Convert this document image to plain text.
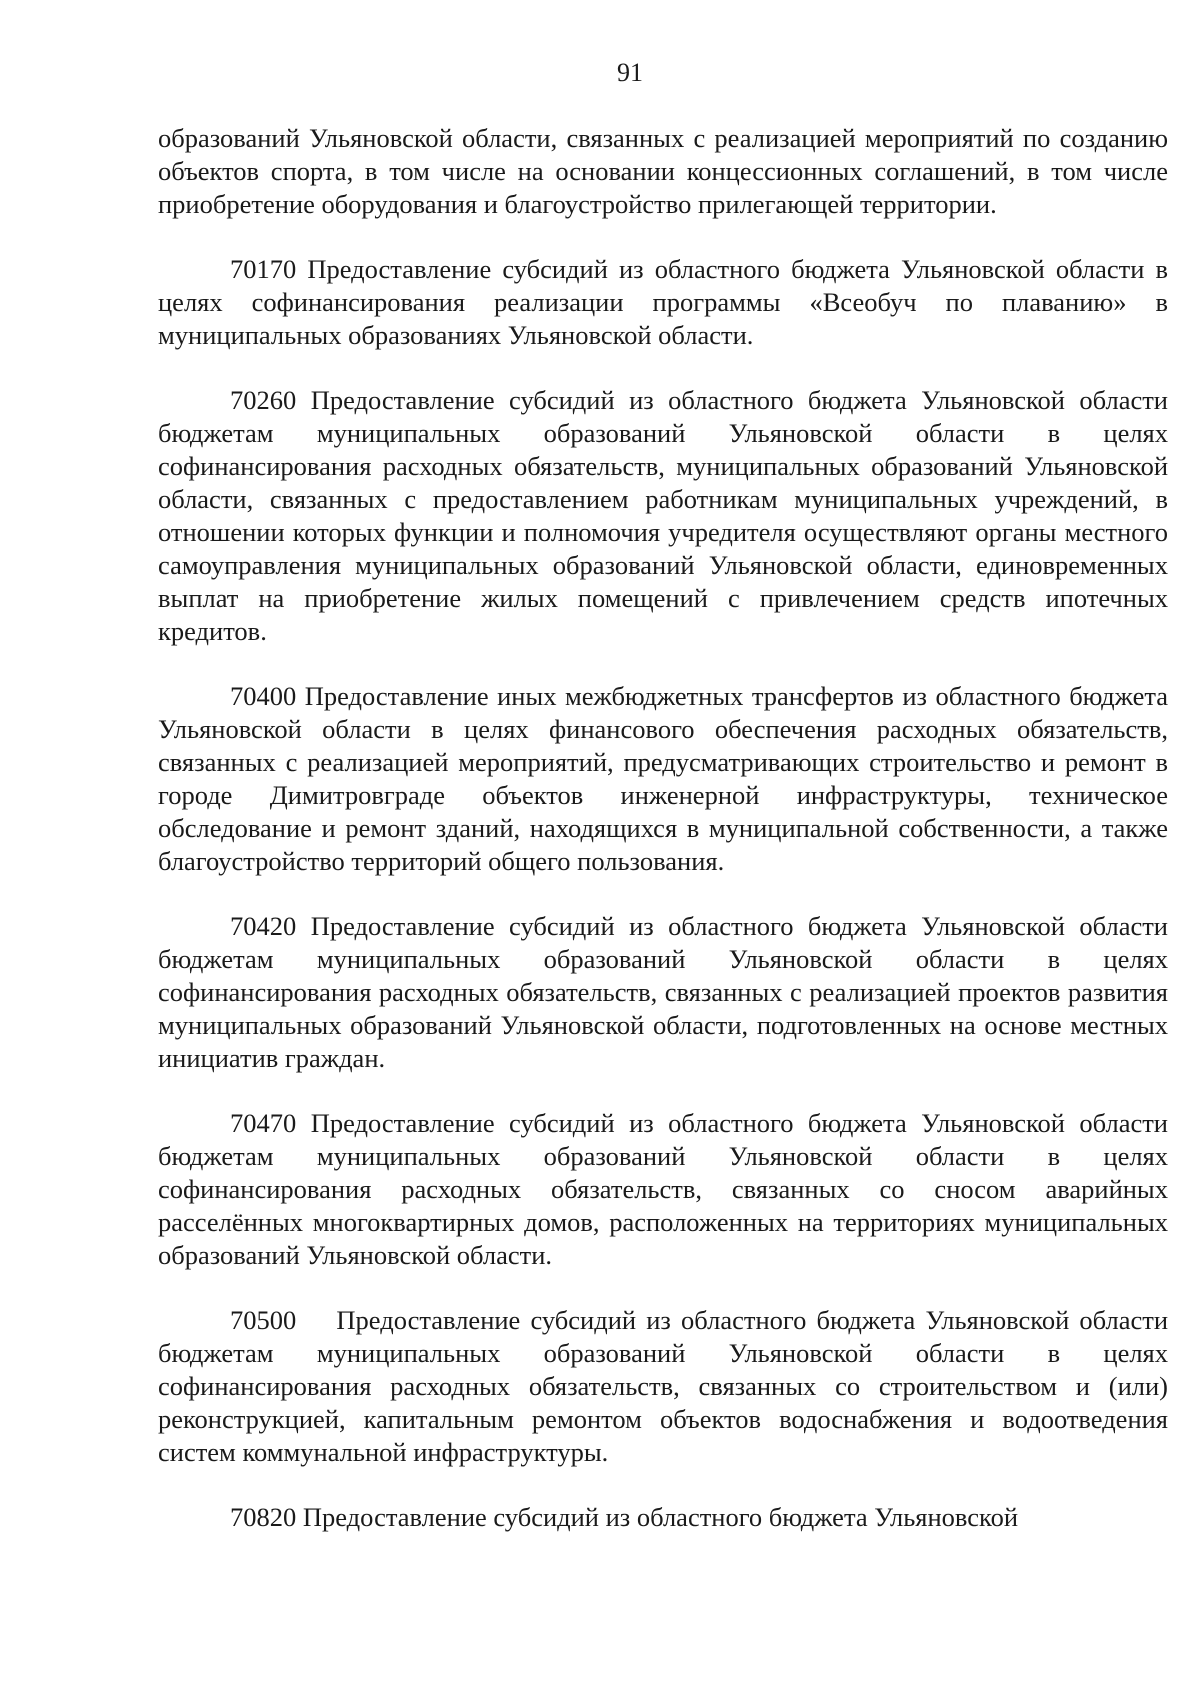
91

образований Ульяновской области, связанных с реализацией мероприятий по созданию объектов спорта, в том числе на основании концессионных соглашений, в том числе приобретение оборудования и благоустройство прилегающей территории.

70170 Предоставление субсидий из областного бюджета Ульяновской области в целях софинансирования реализации программы «Всеобуч по плаванию» в муниципальных образованиях Ульяновской области.

70260 Предоставление субсидий из областного бюджета Ульяновской области бюджетам муниципальных образований Ульяновской области в целях софинансирования расходных обязательств, муниципальных образований Ульяновской области, связанных с предоставлением работникам муниципальных учреждений, в отношении которых функции и полномочия учредителя осуществляют органы местного самоуправления муниципальных образований Ульяновской области, единовременных выплат на приобретение жилых помещений с привлечением средств ипотечных кредитов.

70400 Предоставление иных межбюджетных трансфертов из областного бюджета Ульяновской области в целях финансового обеспечения расходных обязательств, связанных с реализацией мероприятий, предусматривающих строительство и ремонт в городе Димитровграде объектов инженерной инфраструктуры, техническое обследование и ремонт зданий, находящихся в муниципальной собственности, а также благоустройство территорий общего пользования.

70420 Предоставление субсидий из областного бюджета Ульяновской области бюджетам муниципальных образований Ульяновской области в целях софинансирования расходных обязательств, связанных с реализацией проектов развития муниципальных образований Ульяновской области, подготовленных на основе местных инициатив граждан.

70470 Предоставление субсидий из областного бюджета Ульяновской области бюджетам муниципальных образований Ульяновской области в целях софинансирования расходных обязательств, связанных со сносом аварийных расселённых многоквартирных домов, расположенных на территориях муниципальных образований Ульяновской области.

70500 Предоставление субсидий из областного бюджета Ульяновской области бюджетам муниципальных образований Ульяновской области в целях софинансирования расходных обязательств, связанных со строительством и (или) реконструкцией, капитальным ремонтом объектов водоснабжения и водоотведения систем коммунальной инфраструктуры.

70820 Предоставление субсидий из областного бюджета Ульяновской
